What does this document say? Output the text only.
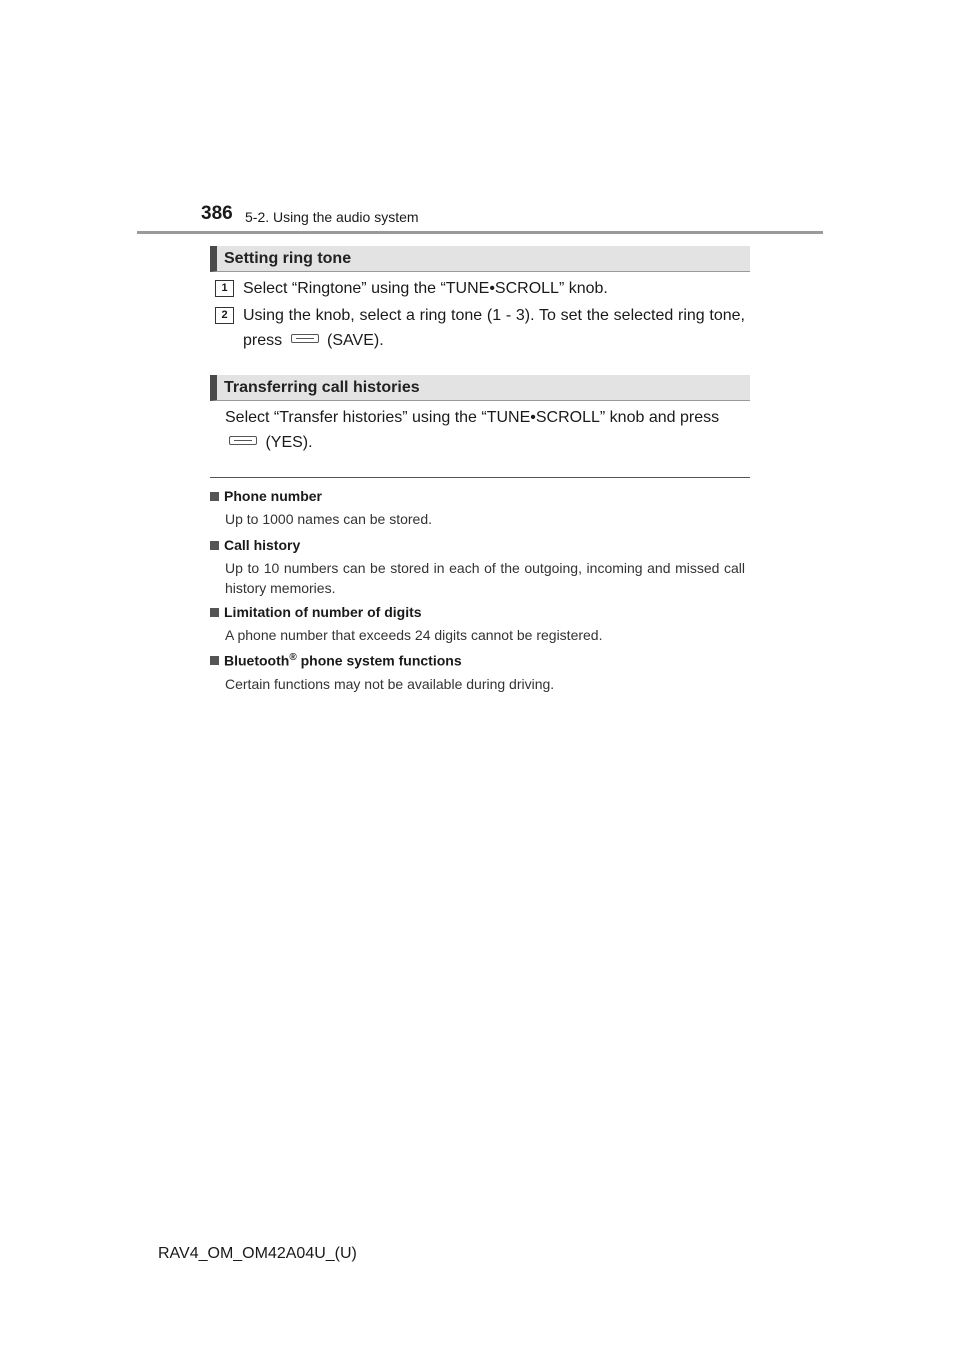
386 5-2. Using the audio system
Setting ring tone
1 Select “Ringtone” using the “TUNE•SCROLL” knob.
2 Using the knob, select a ring tone (1 - 3). To set the selected ring tone, press	(SAVE).
Transferring call histories
Select “Transfer histories” using the “TUNE•SCROLL” knob and press  (YES).
Phone number
Up to 1000 names can be stored.
Call history
Up to 10 numbers can be stored in each of the outgoing, incoming and missed call history memories.
Limitation of number of digits
A phone number that exceeds 24 digits cannot be registered.
Bluetooth® phone system functions
Certain functions may not be available during driving.
RAV4_OM_OM42A04U_(U)
